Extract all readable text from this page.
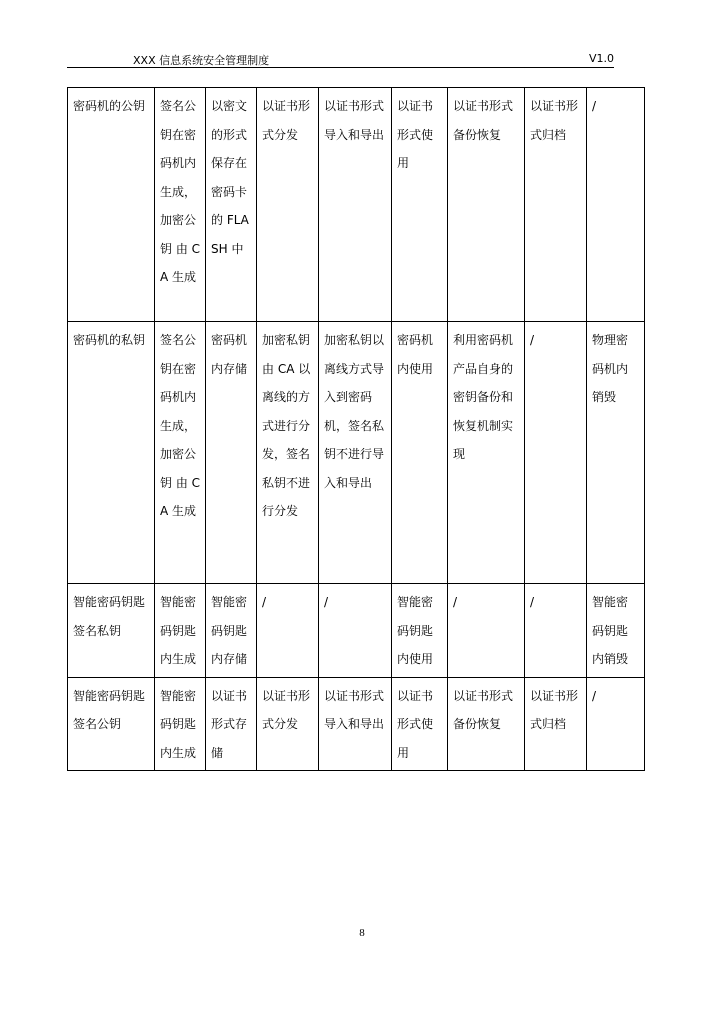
XXX 信息系统安全管理制度	V1.0
密码机的公钥	签名公钥在密码机内生成，加密公钥 由 CA 生成	以密文的形式保存在密码卡的 FLASH 中	以证书形式分发	以证书形式导入和导出	以证书形式使用	以证书形式备份恢复	以证书形式归档	/

密码机的私钥	签名公钥在密码机内生成，加密公钥 由 CA 生成	密码机内存储	加密私钥由 CA 以离线的方式进行分发，签名私钥不进行分发	加密私钥以离线方式导入到密码机，签名私钥不进行导入和导出	密码机内使用	利用密码机产品自身的密钥备份和恢复机制实现	/	物理密码机内销毁

智能密码钥匙签名私钥	智能密码钥匙内生成	智能密码钥匙内存储	/	/	智能密码钥匙内使用	/	/	智能密码钥匙内销毁

智能密码钥匙签名公钥	智能密码钥匙内生成	以证书形式存储	以证书形式分发	以证书形式导入和导出	以证书形式使用	以证书形式备份恢复	以证书形式归档	/
8
